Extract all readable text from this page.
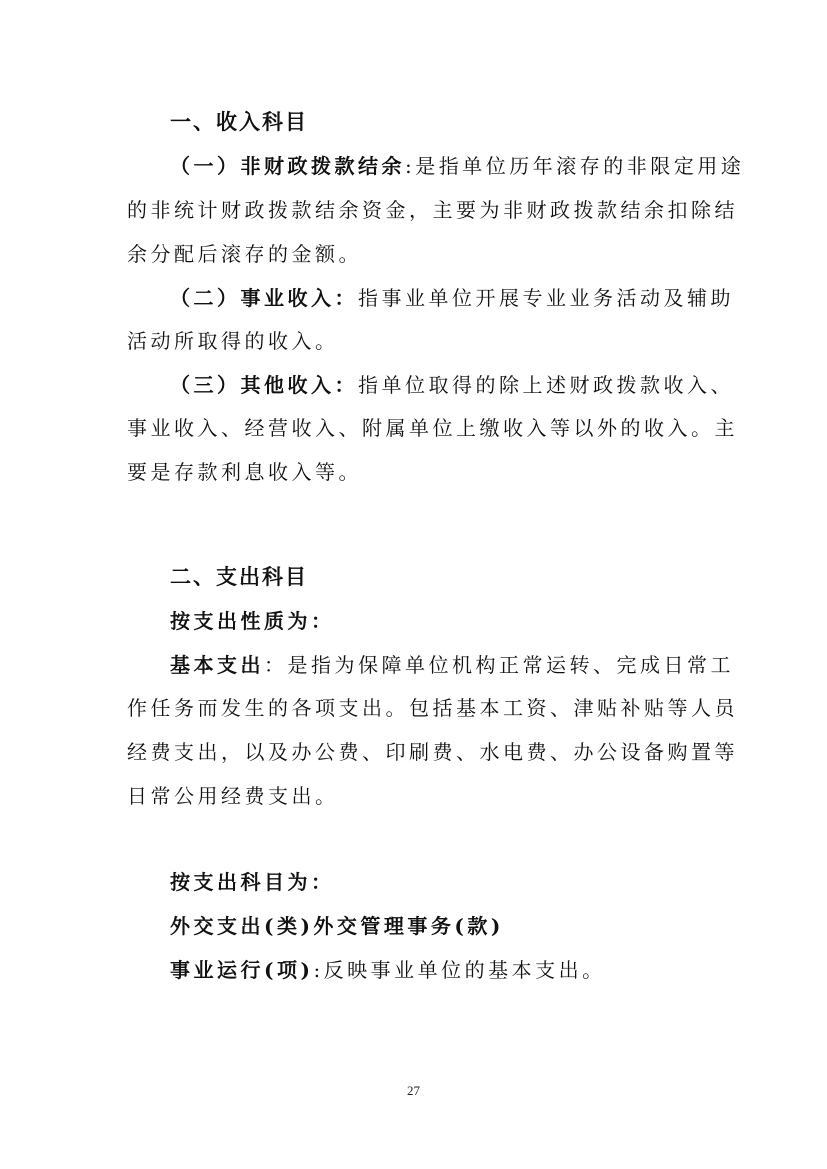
一、收入科目
（一）非财政拨款结余:是指单位历年滚存的非限定用途
的非统计财政拨款结余资金，主要为非财政拨款结余扣除结
余分配后滚存的金额。
（二）事业收入：指事业单位开展专业业务活动及辅助
活动所取得的收入。
（三）其他收入：指单位取得的除上述财政拨款收入、
事业收入、经营收入、附属单位上缴收入等以外的收入。主
要是存款利息收入等。
二、支出科目
按支出性质为：
基本支出：是指为保障单位机构正常运转、完成日常工
作任务而发生的各项支出。包括基本工资、津贴补贴等人员
经费支出，以及办公费、印刷费、水电费、办公设备购置等
日常公用经费支出。
按支出科目为：
外交支出(类)外交管理事务(款)
事业运行(项):反映事业单位的基本支出。
27
